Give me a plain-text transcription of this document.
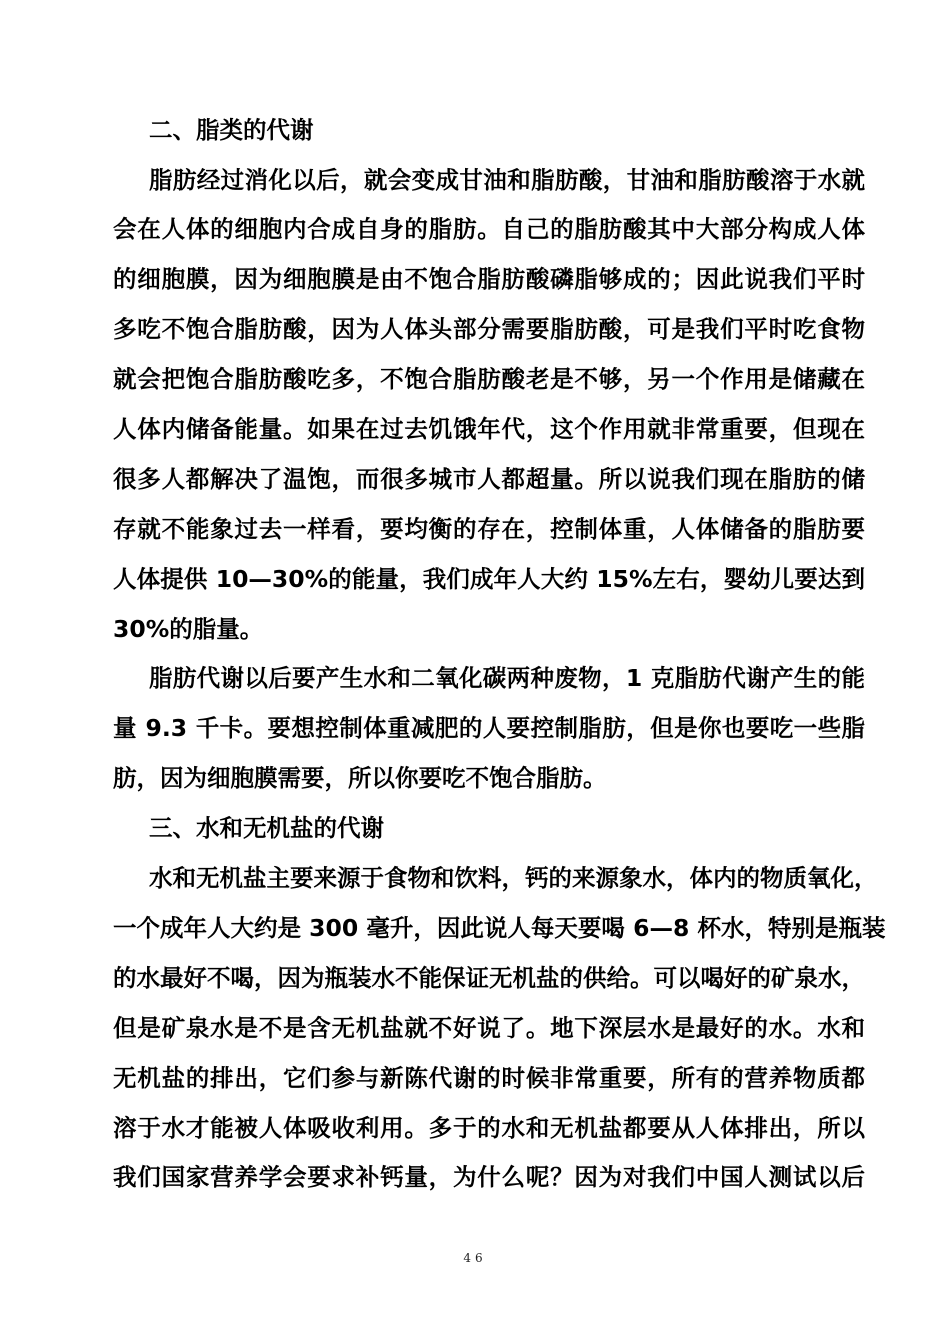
二、脂类的代谢
脂肪经过消化以后，就会变成甘油和脂肪酸，甘油和脂肪酸溶于水就
会在人体的细胞内合成自身的脂肪。自己的脂肪酸其中大部分构成人体
的细胞膜，因为细胞膜是由不饱合脂肪酸磷脂够成的；因此说我们平时
多吃不饱合脂肪酸，因为人体头部分需要脂肪酸，可是我们平时吃食物
就会把饱合脂肪酸吃多，不饱合脂肪酸老是不够，另一个作用是储藏在
人体内储备能量。如果在过去饥饿年代，这个作用就非常重要，但现在
很多人都解决了温饱，而很多城市人都超量。所以说我们现在脂肪的储
存就不能象过去一样看，要均衡的存在，控制体重，人体储备的脂肪要
人体提供 10—30%的能量，我们成年人大约 15%左右，婴幼儿要达到
30%的脂量。
脂肪代谢以后要产生水和二氧化碳两种废物，1 克脂肪代谢产生的能
量 9.3 千卡。要想控制体重减肥的人要控制脂肪，但是你也要吃一些脂
肪，因为细胞膜需要，所以你要吃不饱合脂肪。
三、水和无机盐的代谢
水和无机盐主要来源于食物和饮料，钙的来源象水，体内的物质氧化，
一个成年人大约是 300 毫升，因此说人每天要喝 6—8 杯水，特别是瓶装
的水最好不喝，因为瓶装水不能保证无机盐的供给。可以喝好的矿泉水，
但是矿泉水是不是含无机盐就不好说了。地下深层水是最好的水。水和
无机盐的排出，它们参与新陈代谢的时候非常重要，所有的营养物质都
溶于水才能被人体吸收利用。多于的水和无机盐都要从人体排出，所以
我们国家营养学会要求补钙量，为什么呢？因为对我们中国人测试以后
46
